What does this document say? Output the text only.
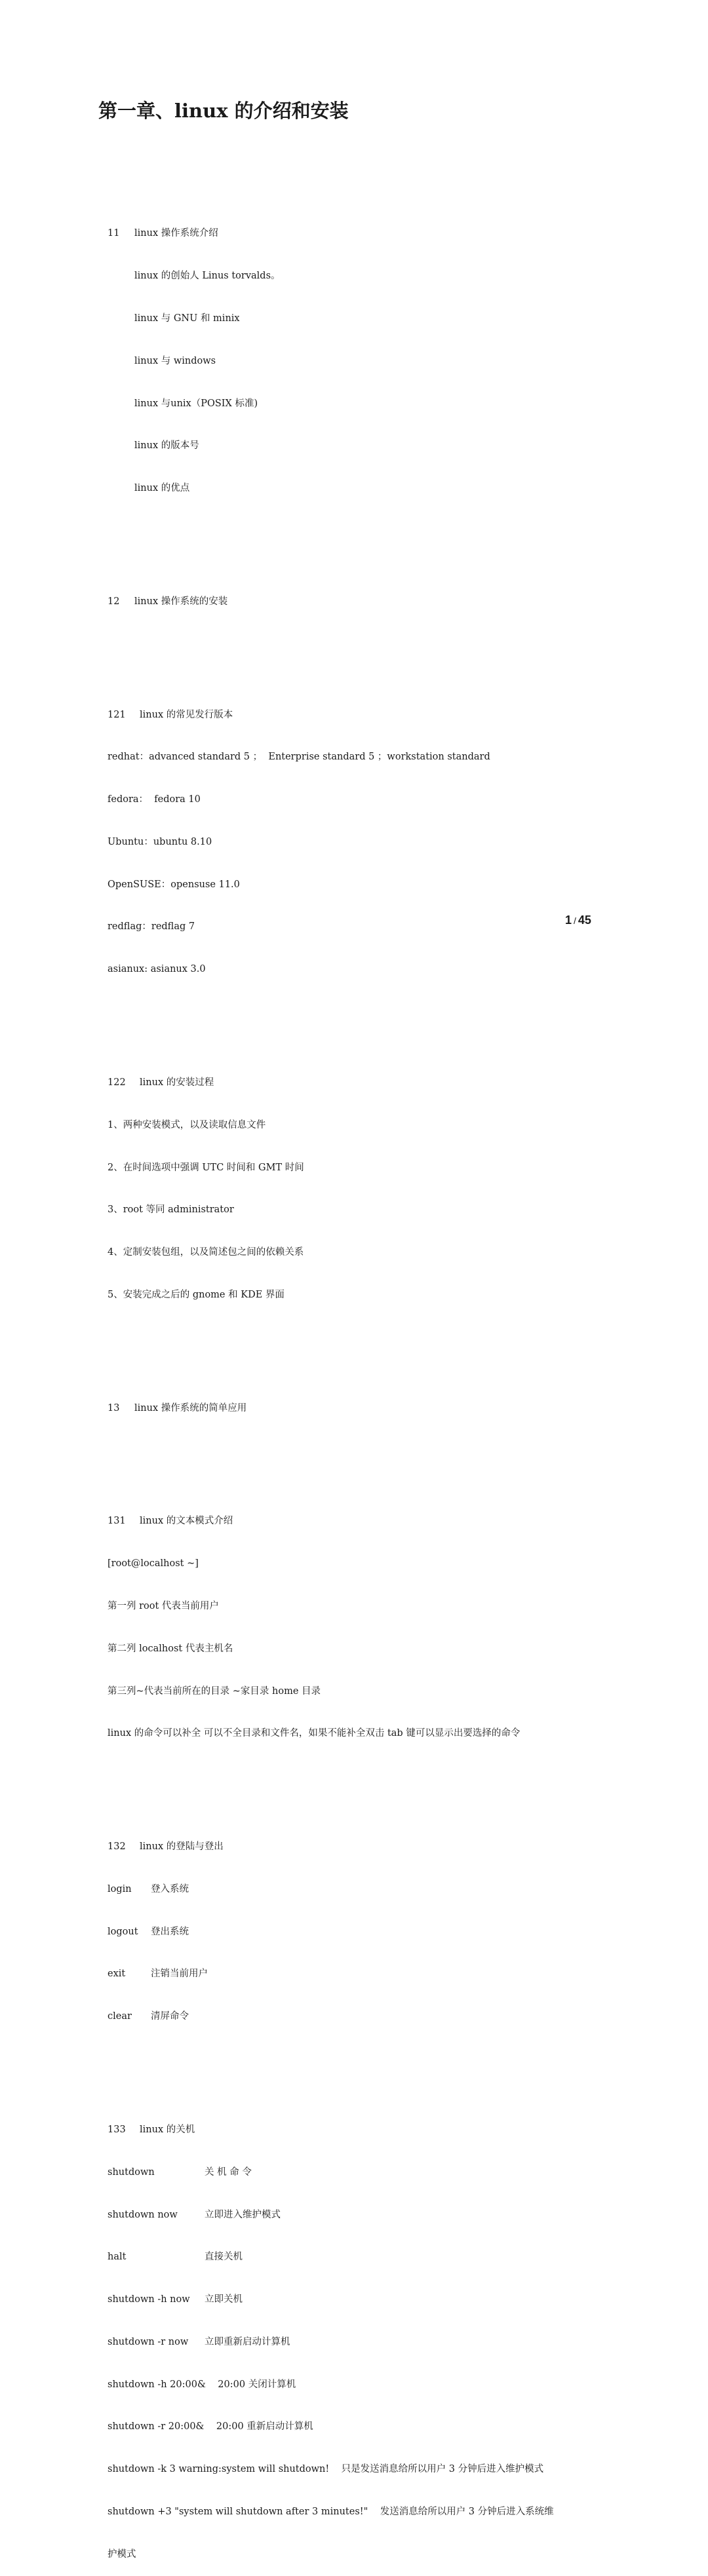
第一章、linux 的介绍和安装

11 linux 操作系统介绍

linux 的创始人 Linus torvalds。

linux 与 GNU 和 minix

linux 与 windows

linux 与unix（POSIX 标准)

linux 的版本号

linux 的优点

12 linux 操作系统的安装

121 linux 的常见发行版本

redhat：advanced standard 5 ；  Enterprise standard 5 ；workstation standard

fedora：  fedora 10

Ubuntu：ubuntu 8.10

OpenSUSE：opensuse 11.0

redflag：redflag 7

asianux: asianux 3.0

122 linux 的安装过程

1、两种安装模式，以及读取信息文件

2、在时间选项中强调 UTC 时间和 GMT 时间

3、root 等同 administrator

4、定制安装包组，以及简述包之间的依赖关系

5、安装完成之后的 gnome 和 KDE 界面

13 linux 操作系统的简单应用

131 linux 的文本模式介绍

[root@localhost ~]

第一列 root 代表当前用户

第二列 localhost 代表主机名

第三列~代表当前所在的目录 ~家目录 home 目录

linux 的命令可以补全 可以不全目录和文件名，如果不能补全双击 tab 键可以显示出要选择的命令

132 linux 的登陆与登出

login 登入系统

logout 登出系统

exit	注销当前用户

clear 清屏命令

133 linux 的关机

shutdown	关 机 命 令

shutdown now	立即进入维护模式

halt	直接关机

shutdown -h now 立即关机

shutdown -r now 立即重新启动计算机

shutdown -h 20:00&    20:00 关闭计算机

shutdown -r 20:00&    20:00 重新启动计算机

shutdown -k 3 warning:system will shutdown!    只是发送消息给所以用户 3 分钟后进入维护模式

shutdown +3 "system will shutdown after 3 minutes!"    发送消息给所以用户 3 分钟后进入系统维

护模式

1 / 45
